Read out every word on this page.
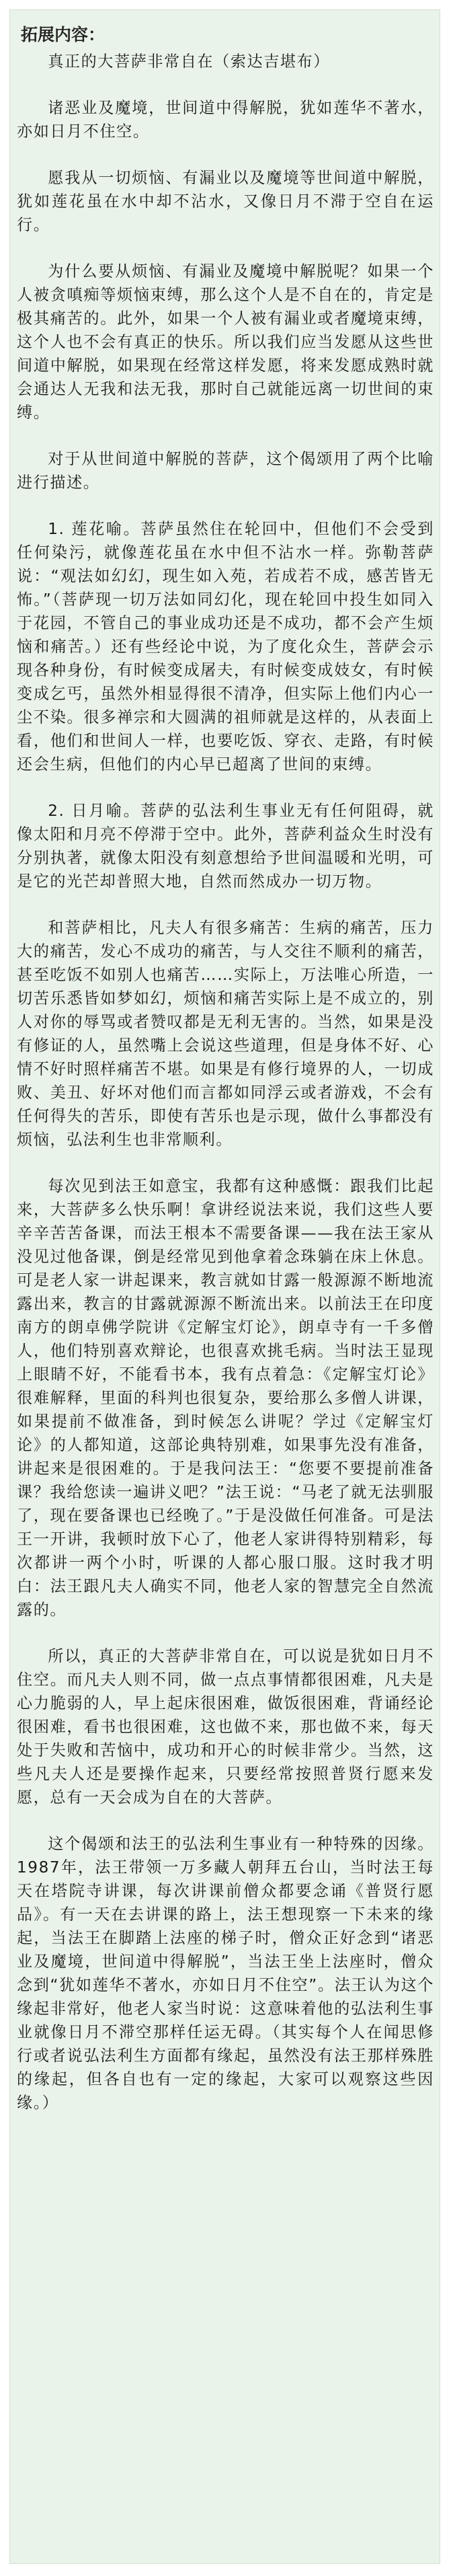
拓展内容：

真正的大菩萨非常自在（索达吉堪布）

诸恶业及魔境，世间道中得解脱，犹如莲华不著水，亦如日月不住空。

愿我从一切烦恼、有漏业以及魔境等世间道中解脱，犹如莲花虽在水中却不沾水，又像日月不滞于空自在运行。

为什么要从烦恼、有漏业及魔境中解脱呢？如果一个人被贪嗔痴等烦恼束缚，那么这个人是不自在的，肯定是极其痛苦的。此外，如果一个人被有漏业或者魔境束缚，这个人也不会有真正的快乐。所以我们应当发愿从这些世间道中解脱，如果现在经常这样发愿，将来发愿成熟时就会通达人无我和法无我，那时自己就能远离一切世间的束缚。

对于从世间道中解脱的菩萨，这个偈颂用了两个比喻进行描述。

1. 莲花喻。菩萨虽然住在轮回中，但他们不会受到任何染污，就像莲花虽在水中但不沾水一样。弥勒菩萨说：“观法如幻幻，现生如入苑，若成若不成，感苦皆无怖。”（菩萨现一切万法如同幻化，现在轮回中投生如同入于花园，不管自己的事业成功还是不成功，都不会产生烦恼和痛苦。）还有些经论中说，为了度化众生，菩萨会示现各种身份，有时候变成屠夫，有时候变成妓女，有时候变成乞丐，虽然外相显得很不清净，但实际上他们内心一尘不染。很多禅宗和大圆满的祖师就是这样的，从表面上看，他们和世间人一样，也要吃饭、穿衣、走路，有时候还会生病，但他们的内心早已超离了世间的束缚。

2. 日月喻。菩萨的弘法利生事业无有任何阻碍，就像太阳和月亮不停滞于空中。此外，菩萨利益众生时没有分别执著，就像太阳没有刻意想给予世间温暖和光明，可是它的光芒却普照大地，自然而然成办一切万物。

和菩萨相比，凡夫人有很多痛苦：生病的痛苦，压力大的痛苦，发心不成功的痛苦，与人交往不顺利的痛苦，甚至吃饭不如别人也痛苦……实际上，万法唯心所造，一切苦乐悉皆如梦如幻，烦恼和痛苦实际上是不成立的，别人对你的辱骂或者赞叹都是无利无害的。当然，如果是没有修证的人，虽然嘴上会说这些道理，但是身体不好、心情不好时照样痛苦不堪。如果是有修行境界的人，一切成败、美丑、好坏对他们而言都如同浮云或者游戏，不会有任何得失的苦乐，即使有苦乐也是示现，做什么事都没有烦恼，弘法利生也非常顺利。

每次见到法王如意宝，我都有这种感慨：跟我们比起来，大菩萨多么快乐啊！拿讲经说法来说，我们这些人要辛辛苦苦备课，而法王根本不需要备课——我在法王家从没见过他备课，倒是经常见到他拿着念珠躺在床上休息。可是老人家一讲起课来，教言就如甘露一般源源不断地流露出来，教言的甘露就源源不断流出来。以前法王在印度南方的朗卓佛学院讲《定解宝灯论》，朗卓寺有一千多僧人，他们特别喜欢辩论，也很喜欢挑毛病。当时法王显现上眼睛不好，不能看书本，我有点着急：《定解宝灯论》很难解释，里面的科判也很复杂，要给那么多僧人讲课，如果提前不做准备，到时候怎么讲呢？学过《定解宝灯论》的人都知道，这部论典特别难，如果事先没有准备，讲起来是很困难的。于是我问法王：“您要不要提前准备课？我给您读一遍讲义吧？”法王说：“马老了就无法驯服了，现在要备课也已经晚了。”于是没做任何准备。可是法王一开讲，我顿时放下心了，他老人家讲得特别精彩，每次都讲一两个小时，听课的人都心服口服。这时我才明白：法王跟凡夫人确实不同，他老人家的智慧完全自然流露的。

所以，真正的大菩萨非常自在，可以说是犹如日月不住空。而凡夫人则不同，做一点点事情都很困难，凡夫是心力脆弱的人，早上起床很困难，做饭很困难，背诵经论很困难，看书也很困难，这也做不来，那也做不来，每天处于失败和苦恼中，成功和开心的时候非常少。当然，这些凡夫人还是要操作起来，只要经常按照普贤行愿来发愿，总有一天会成为自在的大菩萨。

这个偈颂和法王的弘法利生事业有一种特殊的因缘。1987年，法王带领一万多藏人朝拜五台山，当时法王每天在塔院寺讲课，每次讲课前僧众都要念诵《普贤行愿品》。有一天在去讲课的路上，法王想现察一下未来的缘起，当法王在脚踏上法座的梯子时，僧众正好念到“诸恶业及魔境，世间道中得解脱”，当法王坐上法座时，僧众念到“犹如莲华不著水，亦如日月不住空”。法王认为这个缘起非常好，他老人家当时说：这意味着他的弘法利生事业就像日月不滞空那样任运无碍。（其实每个人在闻思修行或者说弘法利生方面都有缘起，虽然没有法王那样殊胜的缘起，但各自也有一定的缘起，大家可以观察这些因缘。）
